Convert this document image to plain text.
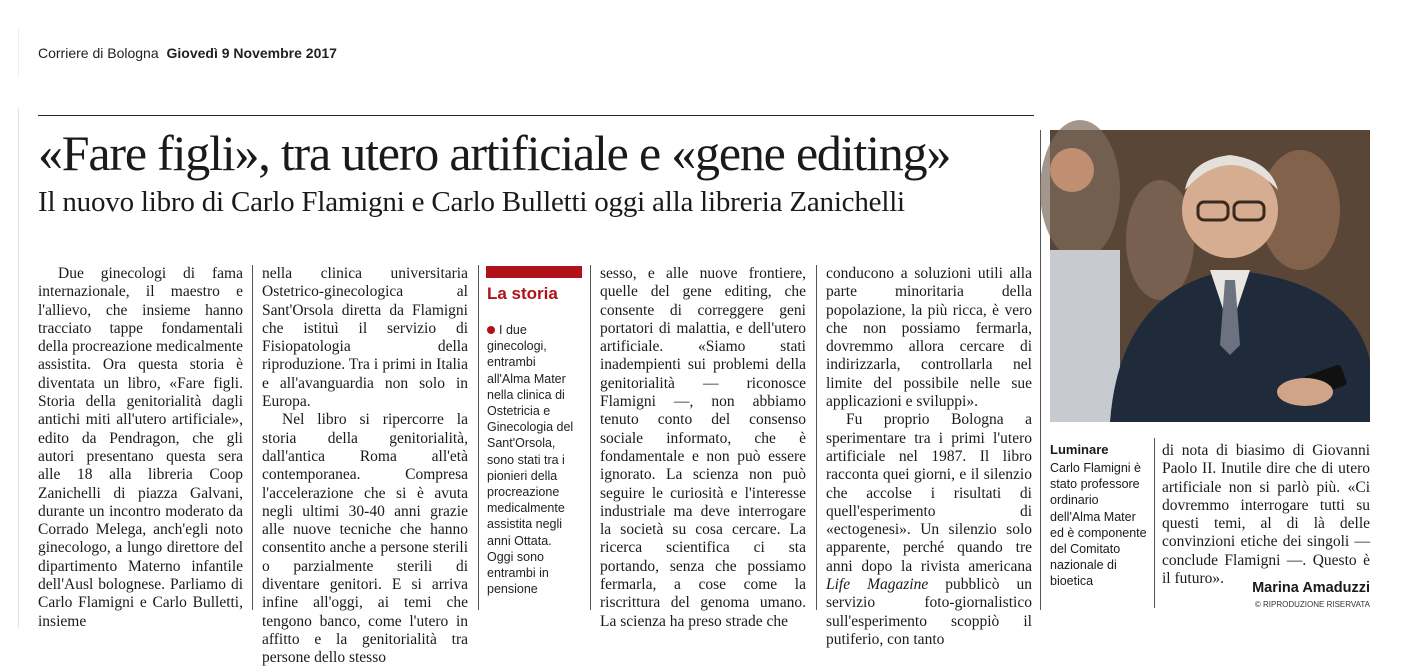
Corriere di Bologna Giovedì 9 Novembre 2017
«Fare figli», tra utero artificiale e «gene editing»
Il nuovo libro di Carlo Flamigni e Carlo Bulletti oggi alla libreria Zanichelli

Due ginecologi di fama internazionale, il maestro e l'allievo, che insieme hanno tracciato tappe fondamentali della procreazione medicalmente assistita. Ora questa storia è diventata un libro, «Fare figli. Storia della genitorialità dagli antichi miti all'utero artificiale», edito da Pendragon, che gli autori presentano questa sera alle 18 alla libreria Coop Zanichelli di piazza Galvani, durante un incontro moderato da Corrado Melega, anch'egli noto ginecologo, a lungo direttore del dipartimento Materno infantile dell'Ausl bolognese. Parliamo di Carlo Flamigni e Carlo Bulletti, insieme

nella clinica universitaria Ostetrico-ginecologica al Sant'Orsola diretta da Flamigni che istituì il servizio di Fisiopatologia della riproduzione. Tra i primi in Italia e all'avanguardia non solo in Europa.

Nel libro si ripercorre la storia della genitorialità, dall'antica Roma all'età contemporanea. Compresa l'accelerazione che si è avuta negli ultimi 30-40 anni grazie alle nuove tecniche che hanno consentito anche a persone sterili o parzialmente sterili di diventare genitori. E si arriva infine all'oggi, ai temi che tengono banco, come l'utero in affitto e la genitorialità tra persone dello stesso

La storia

I due ginecologi, entrambi all'Alma Mater nella clinica di Ostetricia e Ginecologia del Sant'Orsola, sono stati tra i pionieri della procreazione medicalmente assistita negli anni Ottata. Oggi sono entrambi in pensione

sesso, e alle nuove frontiere, quelle del gene editing, che consente di correggere geni portatori di malattia, e dell'utero artificiale. «Siamo stati inadempienti sui problemi della genitorialità — riconosce Flamigni —, non abbiamo tenuto conto del consenso sociale informato, che è fondamentale e non può essere ignorato. La scienza non può seguire le curiosità e l'interesse industriale ma deve interrogare la società su cosa cercare. La ricerca scientifica ci sta portando, senza che possiamo fermarla, a cose come la riscrittura del genoma umano. La scienza ha preso strade che

conducono a soluzioni utili alla parte minoritaria della popolazione, la più ricca, è vero che non possiamo fermarla, dovremmo allora cercare di indirizzarla, controllarla nel limite del possibile nelle sue applicazioni e sviluppi».

Fu proprio Bologna a sperimentare tra i primi l'utero artificiale nel 1987. Il libro racconta quei giorni, e il silenzio che accolse i risultati di quell'esperimento di «ectogenesi». Un silenzio solo apparente, perché quando tre anni dopo la rivista americana Life Magazine pubblicò un servizio foto-giornalistico sull'esperimento scoppiò il putiferio, con tanto

Luminare

Carlo Flamigni è stato professore ordinario dell'Alma Mater ed è componente del Comitato nazionale di bioetica

di nota di biasimo di Giovanni Paolo II. Inutile dire che di utero artificiale non si parlò più. «Ci dovremmo interrogare tutti su questi temi, al di là delle convinzioni etiche dei singoli — conclude Flamigni —. Questo è il futuro».

Marina Amaduzzi
© RIPRODUZIONE RISERVATA
